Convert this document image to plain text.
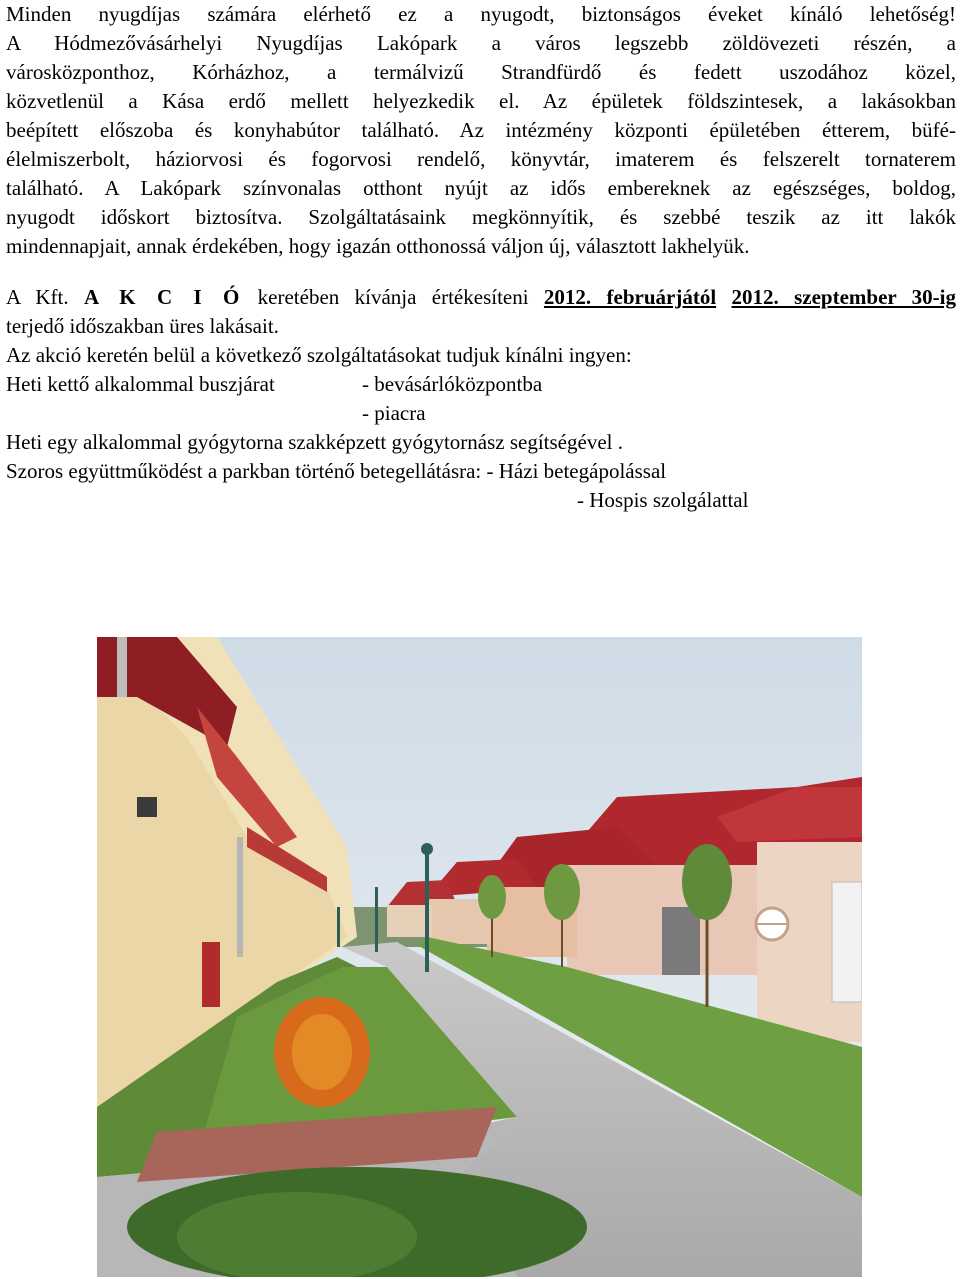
Minden nyugdíjas számára elérhető ez a nyugodt, biztonságos éveket kínáló lehetőség!
A Hódmezővásárhelyi Nyugdíjas Lakópark a város legszebb zöldövezeti részén, a
városközponthoz, Kórházhoz, a termálvizű Strandfürdő és fedett uszodához közel,
közvetlenül a Kása erdő mellett helyezkedik el. Az épületek földszintesek, a lakásokban
beépített előszoba és konyhabútor található. Az intézmény központi épületében étterem, büfé-
élelmiszerbolt, háziorvosi és fogorvosi rendelő, könyvtár, imaterem és felszerelt tornaterem
található. A Lakópark színvonalas otthont nyújt az idős embereknek az egészséges, boldog,
nyugodt időskort biztosítva. Szolgáltatásaink megkönnyítik, és szebbé teszik az itt lakók
mindennapjait, annak érdekében, hogy igazán otthonossá váljon új, választott lakhelyük.
A Kft. A K C I Ó keretében kívánja értékesíteni 2012. februárjától 2012. szeptember 30-ig
terjedő időszakban üres lakásait.
Az akció keretén belül a következő szolgáltatásokat tudjuk kínálni ingyen:
Heti kettő alkalommal buszjárat	- bevásárlóközpontba
- piacra
Heti egy alkalommal gyógytorna szakképzett gyógytornász segítségével .
Szoros együttműködést a parkban történő betegellátásra: - Házi betegápolással
- Hospis szolgálattal
